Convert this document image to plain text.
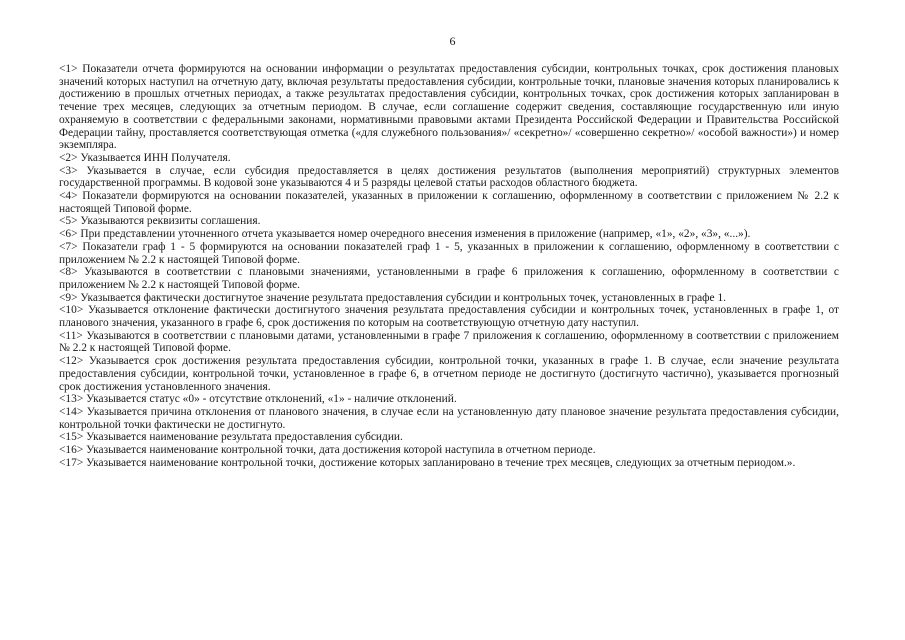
6

<1> Показатели отчета формируются на основании информации о результатах предоставления субсидии, контрольных точках, срок достижения плановых значений которых наступил на отчетную дату, включая результаты предоставления субсидии, контрольные точки, плановые значения которых планировались к достижению в прошлых отчетных периодах, а также результатах предоставления субсидии, контрольных точках, срок достижения которых запланирован в течение трех месяцев, следующих за отчетным периодом. В случае, если соглашение содержит сведения, составляющие государственную или иную охраняемую в соответствии с федеральными законами, нормативными правовыми актами Президента Российской Федерации и Правительства Российской Федерации тайну, проставляется соответствующая отметка («для служебного пользования»/ «секретно»/ «совершенно секретно»/ «особой важности») и номер экземпляра.

<2> Указывается ИНН Получателя.

<3> Указывается в случае, если субсидия предоставляется в целях достижения результатов (выполнения мероприятий) структурных элементов государственной программы. В кодовой зоне указываются 4 и 5 разряды целевой статьи расходов областного бюджета.

<4> Показатели формируются на основании показателей, указанных в приложении к соглашению, оформленному в соответствии с приложением № 2.2 к настоящей Типовой форме.

<5> Указываются реквизиты соглашения.

<6> При представлении уточненного отчета указывается номер очередного внесения изменения в приложение (например, «1», «2», «3», «...»).

<7> Показатели граф 1 - 5 формируются на основании показателей граф 1 - 5, указанных в приложении к соглашению, оформленному в соответствии с приложением № 2.2 к настоящей Типовой форме.

<8> Указываются в соответствии с плановыми значениями, установленными в графе 6 приложения к соглашению, оформленному в соответствии с приложением № 2.2 к настоящей Типовой форме.

<9> Указывается фактически достигнутое значение результата предоставления субсидии и контрольных точек, установленных в графе 1.

<10> Указывается отклонение фактически достигнутого значения результата предоставления субсидии и контрольных точек, установленных в графе 1, от планового значения, указанного в графе 6, срок достижения по которым на соответствующую отчетную дату наступил.

<11> Указываются в соответствии с плановыми датами, установленными в графе 7 приложения к соглашению, оформленному в соответствии с приложением № 2.2 к настоящей Типовой форме.

<12> Указывается срок достижения результата предоставления субсидии, контрольной точки, указанных в графе 1. В случае, если значение результата предоставления субсидии, контрольной точки, установленное в графе 6, в отчетном периоде не достигнуто (достигнуто частично), указывается прогнозный срок достижения установленного значения.

<13> Указывается статус «0» - отсутствие отклонений, «1» - наличие отклонений.

<14> Указывается причина отклонения от планового значения, в случае если на установленную дату плановое значение результата предоставления субсидии, контрольной точки фактически не достигнуто.

<15> Указывается наименование результата предоставления субсидии.

<16> Указывается наименование контрольной точки, дата достижения которой наступила в отчетном периоде.

<17> Указывается наименование контрольной точки, достижение которых запланировано в течение трех месяцев, следующих за отчетным периодом.».
